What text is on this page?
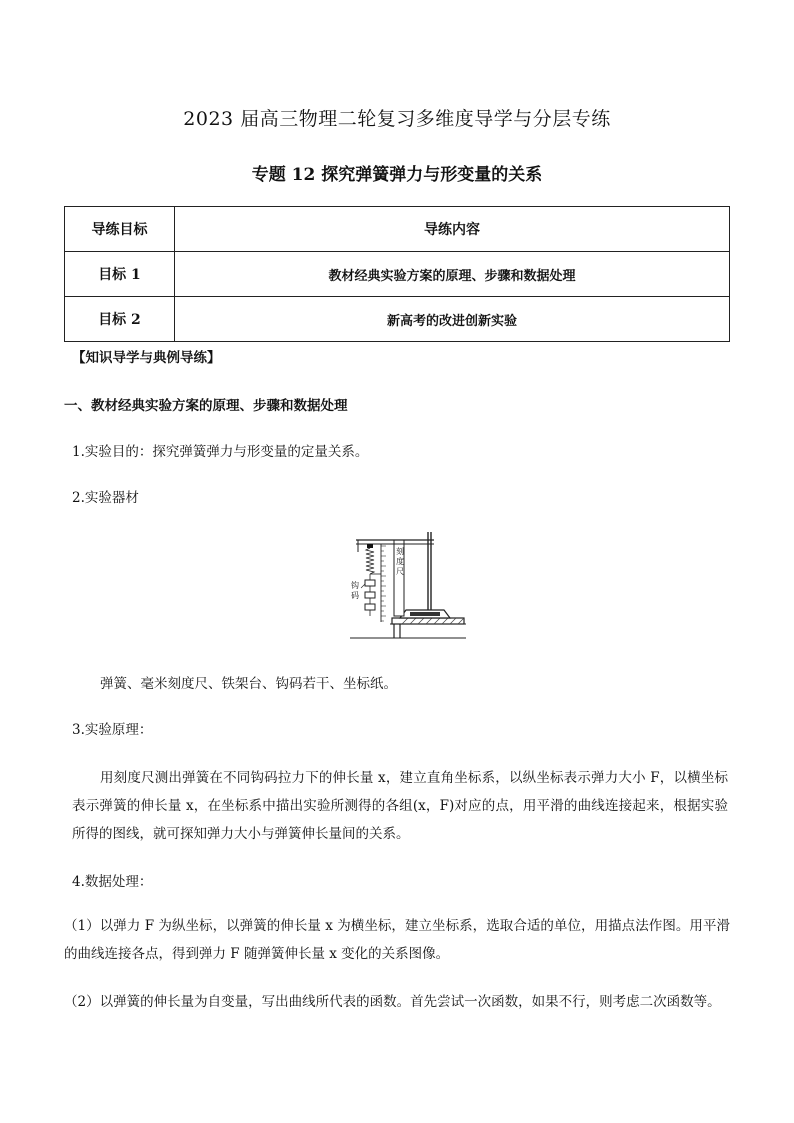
2023 届高三物理二轮复习多维度导学与分层专练
专题 12 探究弹簧弹力与形变量的关系
导练目标	导练内容
目标 1	教材经典实验方案的原理、步骤和数据处理
目标 2	新高考的改进创新实验
【知识导学与典例导练】
一、教材经典实验方案的原理、步骤和数据处理
1.实验目的：探究弹簧弹力与形变量的定量关系。
2.实验器材
钩
码
刻
度
尺
弹簧、毫米刻度尺、铁架台、钩码若干、坐标纸。
3.实验原理：
用刻度尺测出弹簧在不同钩码拉力下的伸长量 x，建立直角坐标系，以纵坐标表示弹力大小 F，以横坐标表示弹簧的伸长量 x，在坐标系中描出实验所测得的各组(x，F)对应的点，用平滑的曲线连接起来，根据实验所得的图线，就可探知弹力大小与弹簧伸长量间的关系。
4.数据处理：
（1）以弹力 F 为纵坐标，以弹簧的伸长量 x 为横坐标，建立坐标系，选取合适的单位，用描点法作图。用平滑的曲线连接各点，得到弹力 F 随弹簧伸长量 x 变化的关系图像。
（2）以弹簧的伸长量为自变量，写出曲线所代表的函数。首先尝试一次函数，如果不行，则考虑二次函数等。
